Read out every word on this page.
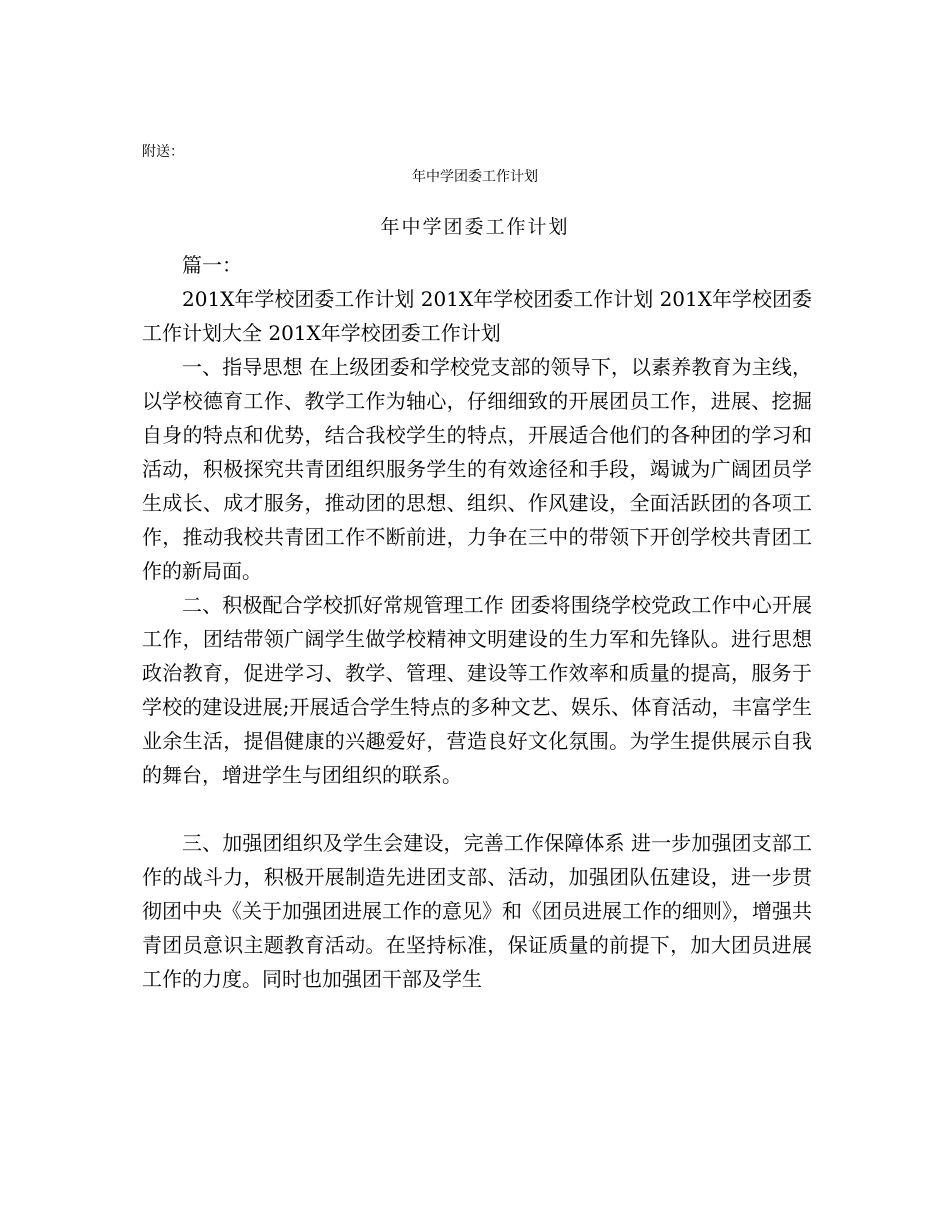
附送：
年中学团委工作计划
年中学团委工作计划

篇一：

201X年学校团委工作计划 201X年学校团委工作计划 201X年学校团委工作计划大全 201X年学校团委工作计划

一、指导思想 在上级团委和学校党支部的领导下，以素养教育为主线，以学校德育工作、教学工作为轴心，仔细细致的开展团员工作，进展、挖掘自身的特点和优势，结合我校学生的特点，开展适合他们的各种团的学习和活动，积极探究共青团组织服务学生的有效途径和手段，竭诚为广阔团员学生成长、成才服务，推动团的思想、组织、作风建设，全面活跃团的各项工作，推动我校共青团工作不断前进，力争在三中的带领下开创学校共青团工作的新局面。

二、积极配合学校抓好常规管理工作 团委将围绕学校党政工作中心开展工作，团结带领广阔学生做学校精神文明建设的生力军和先锋队。进行思想政治教育，促进学习、教学、管理、建设等工作效率和质量的提高，服务于学校的建设进展;开展适合学生特点的多种文艺、娱乐、体育活动，丰富学生业余生活，提倡健康的兴趣爱好，营造良好文化氛围。为学生提供展示自我的舞台，增进学生与团组织的联系。

三、加强团组织及学生会建设，完善工作保障体系 进一步加强团支部工作的战斗力，积极开展制造先进团支部、活动，加强团队伍建设，进一步贯彻团中央《关于加强团进展工作的意见》和《团员进展工作的细则》，增强共青团员意识主题教育活动。在坚持标准，保证质量的前提下，加大团员进展工作的力度。同时也加强团干部及学生
